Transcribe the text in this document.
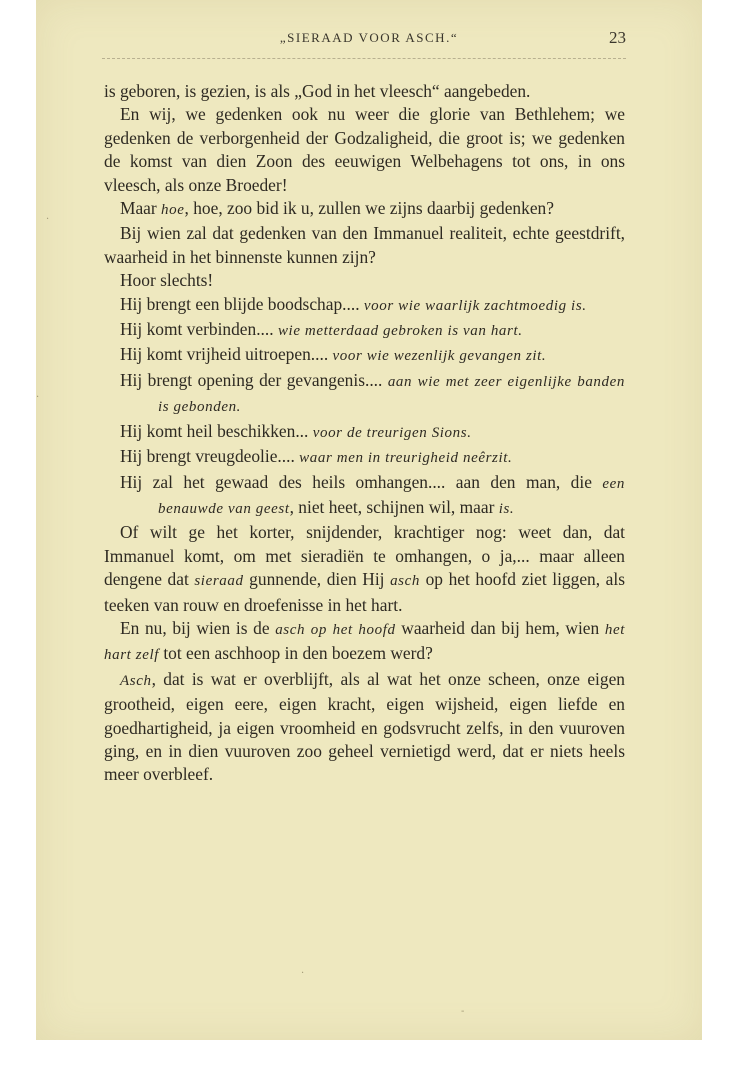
„SIERAAD VOOR ASCH.“	23

is geboren, is gezien, is als „God in het vleesch“ aangebeden.

En wij, we gedenken ook nu weer die glorie van Bethlehem; we gedenken de verborgenheid der Godzaligheid, die groot is; we gedenken de komst van dien Zoon des eeuwigen Welbehagens tot ons, in ons vleesch, als onze Broeder!

Maar hoe, hoe, zoo bid ik u, zullen we zijns daarbij gedenken?

Bij wien zal dat gedenken van den Immanuel realiteit, echte geestdrift, waarheid in het binnenste kunnen zijn?

Hoor slechts!

Hij brengt een blijde boodschap.... voor wie waarlijk zachtmoedig is.
Hij komt verbinden.... wie metterdaad gebroken is van hart.
Hij komt vrijheid uitroepen.... voor wie wezenlijk gevangen zit.
Hij brengt opening der gevangenis.... aan wie met zeer eigenlijke banden is gebonden.
Hij komt heil beschikken... voor de treurigen Sions.
Hij brengt vreugdeolie.... waar men in treurigheid neêrzit.
Hij zal het gewaad des heils omhangen.... aan den man, die een benauwde van geest, niet heet, schijnen wil, maar is.

Of wilt ge het korter, snijdender, krachtiger nog: weet dan, dat Immanuel komt, om met sieradiën te omhangen, o ja,... maar alleen dengene dat sieraad gunnende, dien Hij asch op het hoofd ziet liggen, als teeken van rouw en droefenisse in het hart.

En nu, bij wien is de asch op het hoofd waarheid dan bij hem, wien het hart zelf tot een aschhoop in den boezem werd?

Asch, dat is wat er overblijft, als al wat het onze scheen, onze eigen grootheid, eigen eere, eigen kracht, eigen wijsheid, eigen liefde en goedhartigheid, ja eigen vroomheid en godsvrucht zelfs, in den vuuroven ging, en in dien vuuroven zoo geheel vernietigd werd, dat er niets heels meer overbleef.

·
·
·
-
